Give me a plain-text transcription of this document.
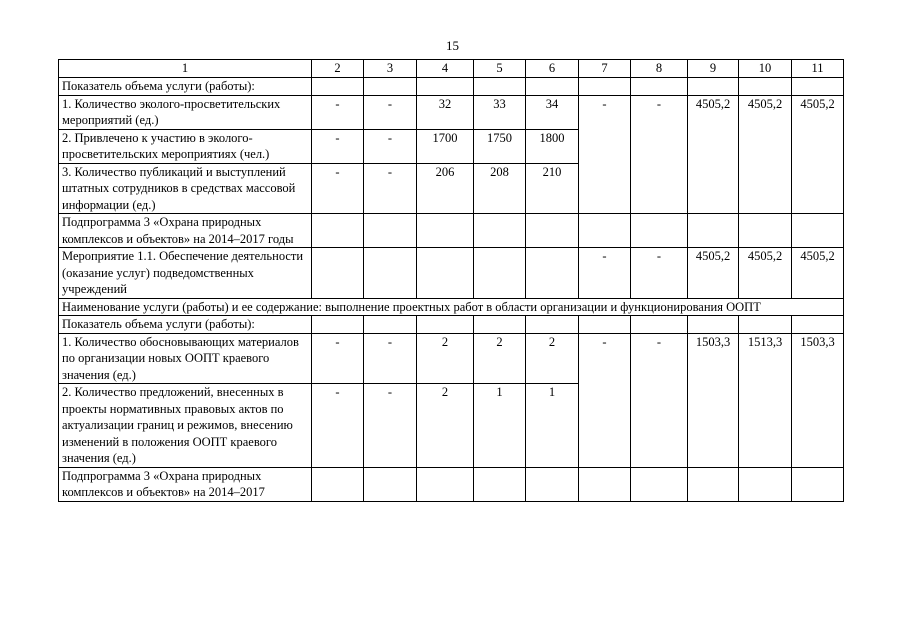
15
1	2	3	4	5	6	7	8	9	10	11
Показатель объема услуги (работы):										
1. Количество эколого-просветительских мероприятий (ед.)	-	-	32	33	34	-	-	4505,2	4505,2	4505,2
2. Привлечено к участию в эколого-просветительских мероприятиях (чел.)	-	-	1700	1750	1800					
3. Количество публикаций и выступлений штатных сотрудников в средствах массовой информации (ед.)	-	-	206	208	210					
Подпрограмма 3 «Охрана природных комплексов и объектов» на 2014–2017 годы										
Мероприятие 1.1. Обеспечение деятельности (оказание услуг) подведомственных учреждений						-	-	4505,2	4505,2	4505,2
Наименование услуги (работы) и ее содержание: выполнение проектных работ в области организации и функционирования ООПТ										
Показатель объема услуги (работы):										
1. Количество обосновывающих материалов по организации новых ООПТ краевого значения (ед.)	-	-	2	2	2	-	-	1503,3	1513,3	1503,3
2. Количество предложений, внесенных в проекты нормативных правовых актов по актуализации границ и режимов, внесению изменений в положения ООПТ краевого значения (ед.)	-	-	2	1	1					
Подпрограмма 3 «Охрана природных комплексов и объектов» на 2014–2017										
